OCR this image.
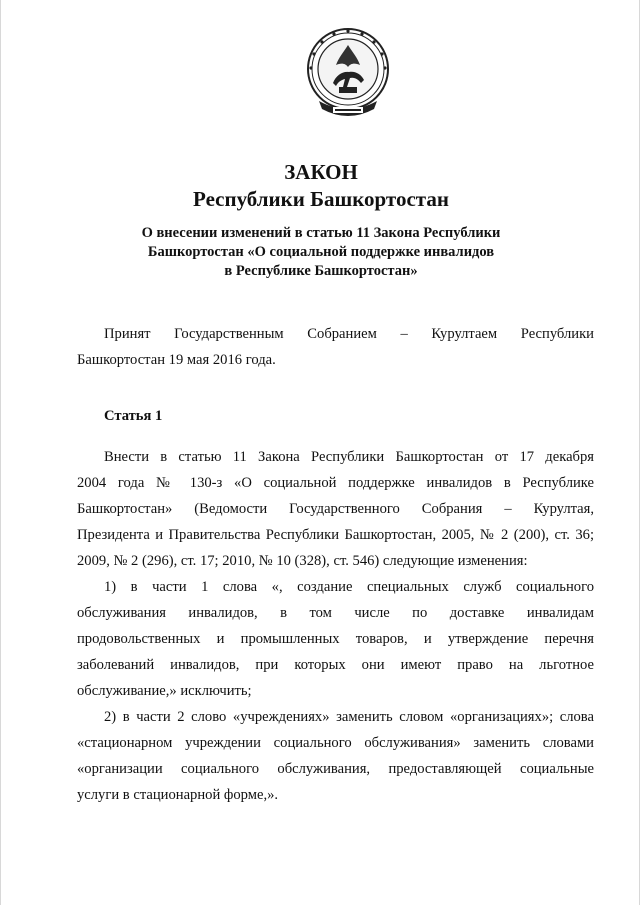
ЗАКОН
Республики Башкортостан
О внесении изменений в статью 11 Закона Республики
Башкортостан «О социальной поддержке инвалидов
в Республике Башкортостан»
Принят Государственным Собранием – Курултаем Республики
Башкортостан 19 мая 2016 года.
Статья 1
Внести в статью 11 Закона Республики Башкортостан от 17 декабря
2004 года № 130-з «О социальной поддержке инвалидов в Республике
Башкортостан» (Ведомости Государственного Собрания – Курултая,
Президента и Правительства Республики Башкортостан, 2005, № 2 (200), ст. 36;
2009, № 2 (296), ст. 17; 2010, № 10 (328), ст. 546) следующие изменения:
1) в части 1 слова «, создание специальных служб социального
обслуживания инвалидов, в том числе по доставке инвалидам
продовольственных и промышленных товаров, и утверждение перечня
заболеваний инвалидов, при которых они имеют право на льготное
обслуживание,» исключить;
2) в части 2 слово «учреждениях» заменить словом «организациях»; слова
«стационарном учреждении социального обслуживания» заменить словами
«организации социального обслуживания, предоставляющей социальные
услуги в стационарной форме,».
